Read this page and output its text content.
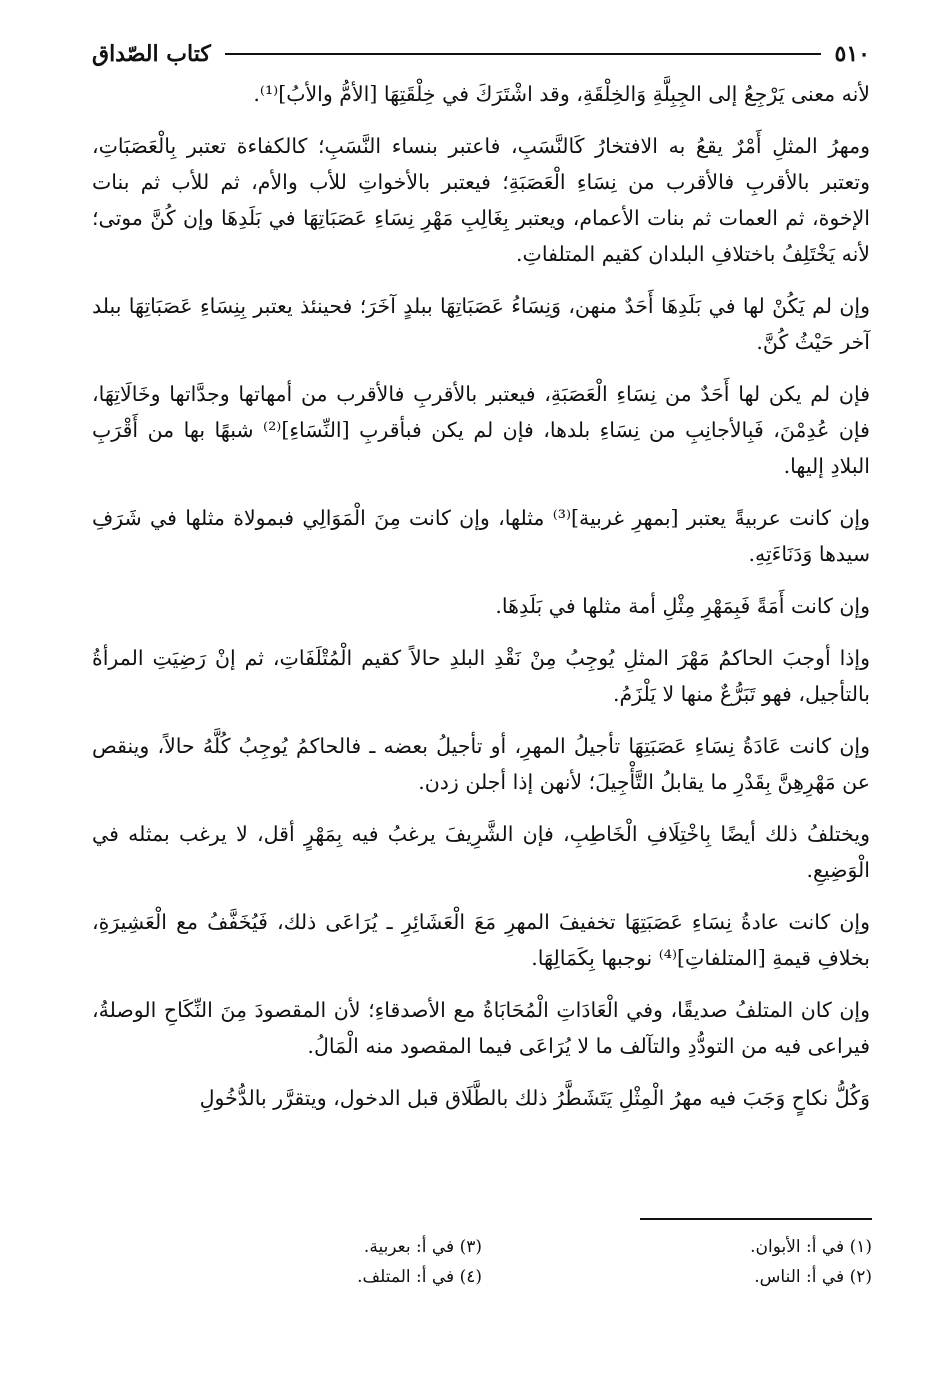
٥١٠
كتاب الصّداق

لأنه معنى يَرْجِعُ إلى الجِبِلَّةِ وَالخِلْقَةِ، وقد اشْتَرَكَ في خِلْقَتِهَا [الأمُّ والأبُ]⁽¹⁾.

ومهرُ المثلِ أَمْرٌ يقعُ به الافتخارُ كَالنَّسَبِ، فاعتبر بنساء النَّسَبِ؛ كالكفاءة تعتبر بِالْعَصَبَاتِ، وتعتبر بالأقربِ فالأقرب من نِسَاءِ الْعَصَبَةِ؛ فيعتبر بالأخواتِ للأب والأم، ثم للأب ثم بنات الإخوة، ثم العمات ثم بنات الأعمام، ويعتبر بِغَالِبِ مَهْرِ نِسَاءِ عَصَبَاتِهَا في بَلَدِهَا وإن كُنَّ موتى؛ لأنه يَخْتَلِفُ باختلافِ البلدان كقيم المتلفاتِ.

وإن لم يَكُنْ لها في بَلَدِهَا أَحَدٌ منهن، وَنِسَاءُ عَصَبَاتِهَا ببلدٍ آخَرَ؛ فحينئذ يعتبر بِنِسَاءِ عَصَبَاتِهَا ببلد آخر حَيْثُ كُنَّ.

فإن لم يكن لها أَحَدٌ من نِسَاءِ الْعَصَبَةِ، فيعتبر بالأقربِ فالأقرب من أمهاتها وجدَّاتها وخَالَاتِهَا، فإن عُدِمْنَ، فَبِالأجانِبِ من نِسَاءِ بلدها، فإن لم يكن فبأقربِ [النِّسَاءِ]⁽²⁾ شبهًا بها من أَقْرَبِ البلادِ إليها.

وإن كانت عربيةً يعتبر [بمهرِ غربية]⁽³⁾ مثلها، وإن كانت مِنَ الْمَوَالِي فبمولاة مثلها في شَرَفِ سيدها وَدَنَاءَتِهِ.

وإن كانت أَمَةً فَبِمَهْرِ مِثْلِ أمة مثلها في بَلَدِهَا.

وإذا أوجبَ الحاكمُ مَهْرَ المثلِ يُوجِبُ مِنْ نَقْدِ البلدِ حالاً كقيم الْمُتْلَفَاتِ، ثم إنْ رَضِيَتِ المرأةُ بالتأجيل، فهو تَبَرُّعٌ منها لا يَلْزَمُ.

وإن كانت عَادَةُ نِسَاءِ عَصَبَتِهَا تأجيلُ المهرِ، أو تأجيلُ بعضه ـ فالحاكمُ يُوجِبُ كُلَّهُ حالاً، وينقص عن مَهْرِهِنَّ بِقَدْرِ ما يقابلُ التَّأْجِيلَ؛ لأنهن إذا أجلن زدن.

ويختلفُ ذلك أيضًا بِاخْتِلَافِ الْخَاطِبِ، فإن الشَّرِيفَ يرغبُ فيه بِمَهْرٍ أقل، لا يرغب بمثله في الْوَضِيعِ.

وإن كانت عادةُ نِسَاءِ عَصَبَتِهَا تخفيفَ المهرِ مَعَ الْعَشَائِرِ ـ يُرَاعَى ذلك، فَيُخَفَّفُ مع الْعَشِيرَةِ، بخلافِ قيمةِ [المتلفاتِ]⁽⁴⁾ نوجبها بِكَمَالِهَا.

وإن كان المتلفُ صديقًا، وفي الْعَادَاتِ الْمُحَابَاةُ مع الأصدقاءِ؛ لأن المقصودَ مِنَ النِّكَاحِ الوصلةُ، فيراعى فيه من التودُّدِ والتآلف ما لا يُرَاعَى فيما المقصود منه الْمَالُ.

وَكُلُّ نكاحٍ وَجَبَ فيه مهرُ الْمِثْلِ يَتَشَطَّرُ ذلك بالطَّلَاق قبل الدخول، ويتقرَّر بالدُّخُولِ

(١) في أ: الأبوان.
(٢) في أ: الناس.
(٣) في أ: بعربية.
(٤) في أ: المتلف.
